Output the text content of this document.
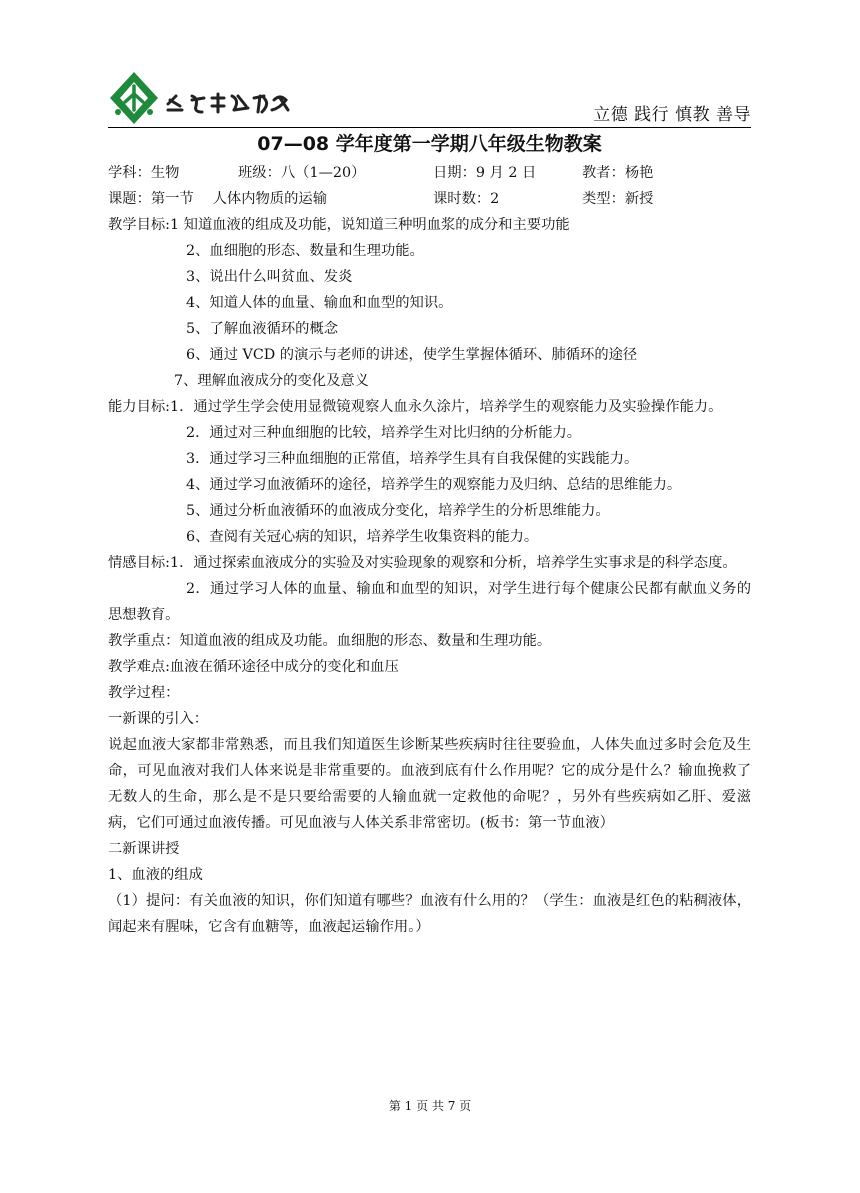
立德 践行 慎教 善导
07—08 学年度第一学期八年级生物教案
学科：生物	班级：八（1—20）	日期：9 月 2 日	教者：杨艳
课题：第一节　 人体内物质的运输	课时数：2	类型：新授
教学目标:1 知道血液的组成及功能，说知道三种明血浆的成分和主要功能
2、血细胞的形态、数量和生理功能。
3、说出什么叫贫血、发炎
4、知道人体的血量、输血和血型的知识。
5、了解血液循环的概念
6、通过 VCD 的演示与老师的讲述，使学生掌握体循环、肺循环的途径
7、理解血液成分的变化及意义
能力目标:1．通过学生学会使用显微镜观察人血永久涂片，培养学生的观察能力及实验操作能力。
2．通过对三种血细胞的比较，培养学生对比归纳的分析能力。
3．通过学习三种血细胞的正常值，培养学生具有自我保健的实践能力。
4、通过学习血液循环的途径，培养学生的观察能力及归纳、总结的思维能力。
5、通过分析血液循环的血液成分变化，培养学生的分析思维能力。
6、查阅有关冠心病的知识，培养学生收集资料的能力。
情感目标:1．通过探索血液成分的实验及对实验现象的观察和分析，培养学生实事求是的科学态度。
2．通过学习人体的血量、输血和血型的知识，对学生进行每个健康公民都有献血义务的思想教育。
教学重点：知道血液的组成及功能。血细胞的形态、数量和生理功能。
教学难点:血液在循环途径中成分的变化和血压
教学过程：
一新课的引入：
说起血液大家都非常熟悉，而且我们知道医生诊断某些疾病时往往要验血，人体失血过多时会危及生命，可见血液对我们人体来说是非常重要的。血液到底有什么作用呢？它的成分是什么？输血挽救了无数人的生命，那么是不是只要给需要的人输血就一定救他的命呢？，另外有些疾病如乙肝、爱滋病，它们可通过血液传播。可见血液与人体关系非常密切。(板书：第一节血液）
二新课讲授
1、血液的组成
（1）提问：有关血液的知识，你们知道有哪些？血液有什么用的？（学生：血液是红色的粘稠液体，闻起来有腥味，它含有血糖等，血液起运输作用。）
第 1 页 共 7 页
